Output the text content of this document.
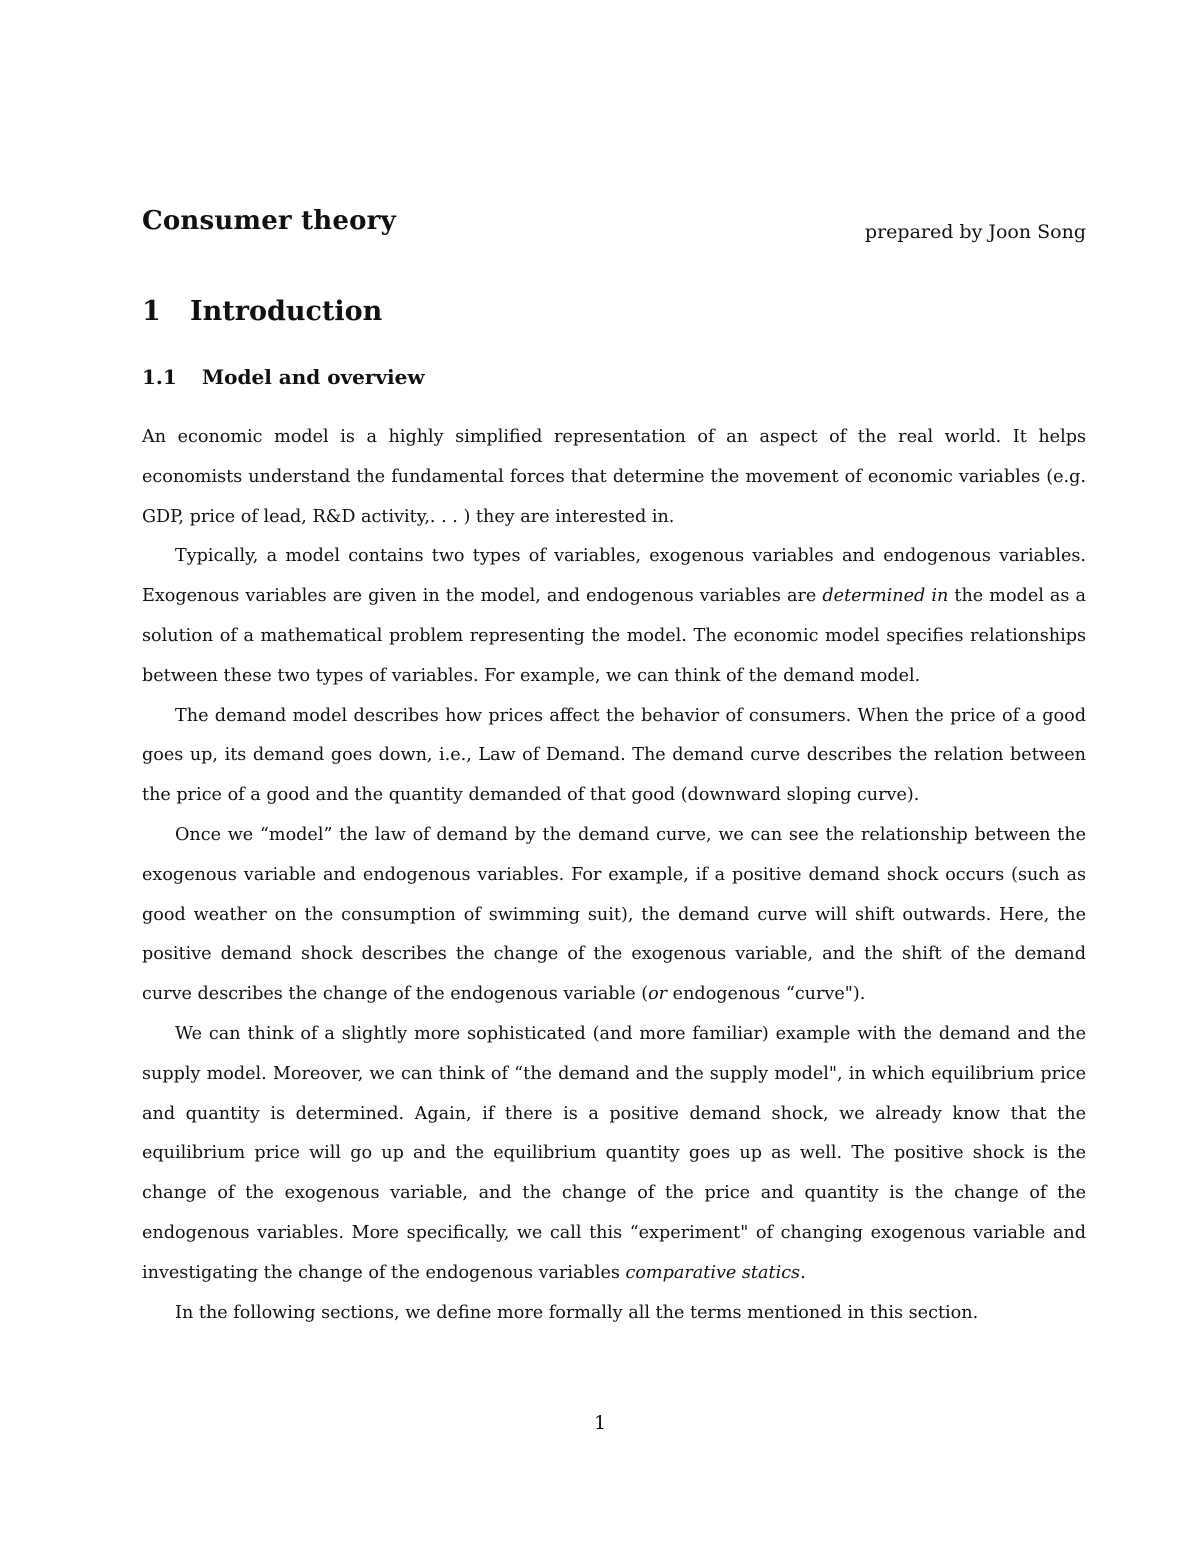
Consumer theory	prepared by Joon Song
1 Introduction
1.1 Model and overview

An economic model is a highly simplified representation of an aspect of the real world. It helps economists understand the fundamental forces that determine the movement of economic variables (e.g. GDP, price of lead, R&D activity,. . . ) they are interested in.

Typically, a model contains two types of variables, exogenous variables and endogenous variables. Exogenous variables are given in the model, and endogenous variables are determined in the model as a solution of a mathematical problem representing the model. The economic model specifies relationships between these two types of variables. For example, we can think of the demand model.

The demand model describes how prices affect the behavior of consumers. When the price of a good goes up, its demand goes down, i.e., Law of Demand. The demand curve describes the relation between the price of a good and the quantity demanded of that good (downward sloping curve).

Once we “model” the law of demand by the demand curve, we can see the relationship between the exogenous variable and endogenous variables. For example, if a positive demand shock occurs (such as good weather on the consumption of swimming suit), the demand curve will shift outwards. Here, the positive demand shock describes the change of the exogenous variable, and the shift of the demand curve describes the change of the endogenous variable (or endogenous “curve").

We can think of a slightly more sophisticated (and more familiar) example with the demand and the supply model. Moreover, we can think of “the demand and the supply model", in which equilibrium price and quantity is determined. Again, if there is a positive demand shock, we already know that the equilibrium price will go up and the equilibrium quantity goes up as well. The positive shock is the change of the exogenous variable, and the change of the price and quantity is the change of the endogenous variables. More specifically, we call this “experiment" of changing exogenous variable and investigating the change of the endogenous variables comparative statics.

In the following sections, we define more formally all the terms mentioned in this section.

1
